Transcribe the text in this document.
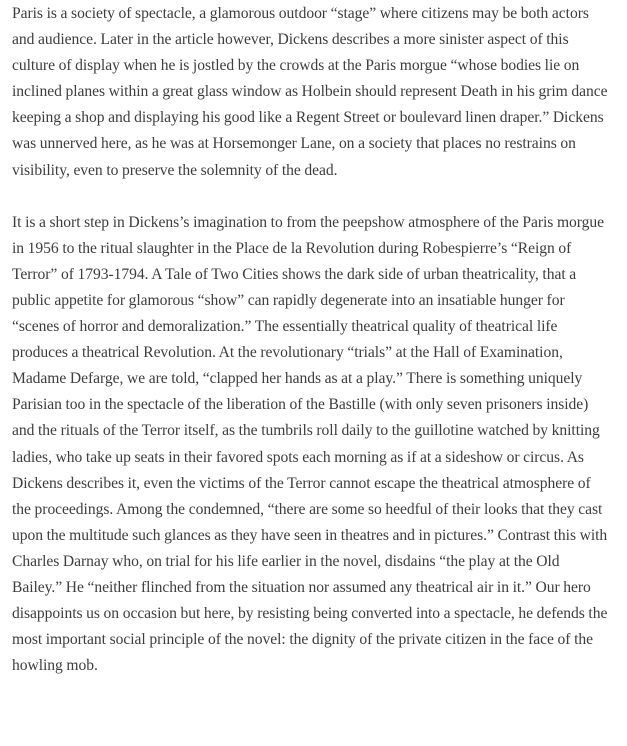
Paris is a society of spectacle, a glamorous outdoor “stage” where citizens may be both actors and audience. Later in the article however, Dickens describes a more sinister aspect of this culture of display when he is jostled by the crowds at the Paris morgue “whose bodies lie on inclined planes within a great glass window as Holbein should represent Death in his grim dance keeping a shop and displaying his good like a Regent Street or boulevard linen draper.” Dickens was unnerved here, as he was at Horsemonger Lane, on a society that places no restrains on visibility, even to preserve the solemnity of the dead.

It is a short step in Dickens’s imagination to from the peepshow atmosphere of the Paris morgue in 1956 to the ritual slaughter in the Place de la Revolution during Robespierre’s “Reign of Terror” of 1793-1794. A Tale of Two Cities shows the dark side of urban theatricality, that a public appetite for glamorous “show” can rapidly degenerate into an insatiable hunger for “scenes of horror and demoralization.” The essentially theatrical quality of theatrical life produces a theatrical Revolution. At the revolutionary “trials” at the Hall of Examination, Madame Defarge, we are told, “clapped her hands as at a play.” There is something uniquely Parisian too in the spectacle of the liberation of the Bastille (with only seven prisoners inside) and the rituals of the Terror itself, as the tumbrils roll daily to the guillotine watched by knitting ladies, who take up seats in their favored spots each morning as if at a sideshow or circus. As Dickens describes it, even the victims of the Terror cannot escape the theatrical atmosphere of the proceedings. Among the condemned, “there are some so heedful of their looks that they cast upon the multitude such glances as they have seen in theatres and in pictures.” Contrast this with Charles Darnay who, on trial for his life earlier in the novel, disdains “the play at the Old Bailey.” He “neither flinched from the situation nor assumed any theatrical air in it.” Our hero disappoints us on occasion but here, by resisting being converted into a spectacle, he defends the most important social principle of the novel: the dignity of the private citizen in the face of the howling mob.
